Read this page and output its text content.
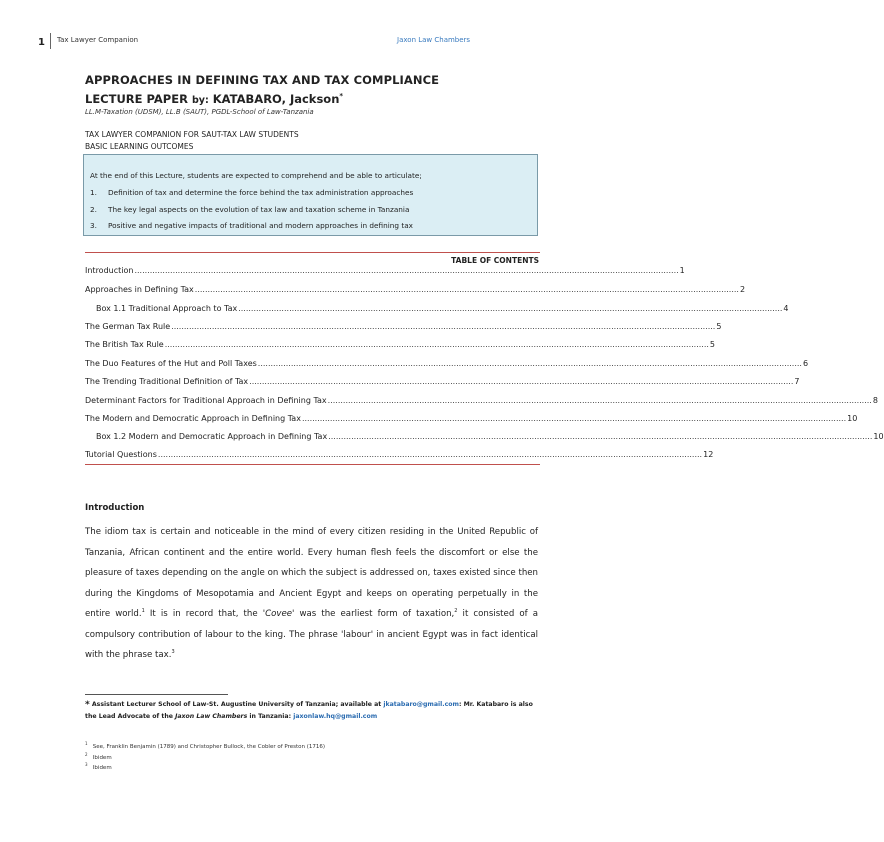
1 Tax Lawyer Companion	Jaxon Law Chambers
APPROACHES IN DEFINING TAX AND TAX COMPLIANCE
LECTURE PAPER by: KATABARO, Jackson*
LL.M-Taxation (UDSM), LL.B (SAUT), PGDL-School of Law-Tanzania
TAX LAWYER COMPANION FOR SAUT-TAX LAW STUDENTS
BASIC LEARNING OUTCOMES
At the end of this Lecture, students are expected to comprehend and be able to articulate;
1. Definition of tax and determine the force behind the tax administration approaches
2. The key legal aspects on the evolution of tax law and taxation scheme in Tanzania
3. Positive and negative impacts of traditional and modern approaches in defining tax
TABLE OF CONTENTS
Introduction ...................................................................................................................................................................................................................... 1
Approaches in Defining Tax ...................................................................................................................................................................................................................... 2
Box 1.1 Traditional Approach to Tax ...................................................................................................................................................................................................................... 4
The German Tax Rule ...................................................................................................................................................................................................................... 5
The British Tax Rule ...................................................................................................................................................................................................................... 5
The Duo Features of the Hut and Poll Taxes ...................................................................................................................................................................................................................... 6
The Trending Traditional Definition of Tax ...................................................................................................................................................................................................................... 7
Determinant Factors for Traditional Approach in Defining Tax ...................................................................................................................................................................................................................... 8
The Modern and Democratic Approach in Defining Tax ...................................................................................................................................................................................................................... 10
Box 1.2 Modern and Democratic Approach in Defining Tax ...................................................................................................................................................................................................................... 10
Tutorial Questions ...................................................................................................................................................................................................................... 12
Introduction
The idiom tax is certain and noticeable in the mind of every citizen residing in the United Republic of Tanzania, African continent and the entire world. Every human flesh feels the discomfort or else the pleasure of taxes depending on the angle on which the subject is addressed on, taxes existed since then during the Kingdoms of Mesopotamia and Ancient Egypt and keeps on operating perpetually in the entire world.$^1$ It is in record that, the 'Covee' was the earliest form of taxation,$^2$ it consisted of a compulsory contribution of labour to the king. The phrase 'labour' in ancient Egypt was in fact identical with the phrase tax.$^3$
* Assistant Lecturer School of Law-St. Augustine University of Tanzania; available at jkatabaro@gmail.com: Mr. Katabaro is also the Lead Advocate of the Jaxon Law Chambers in Tanzania: jaxonlaw.hq@gmail.com
$^1$   See, Franklin Benjamin (1789) and Christopher Bullock, the Cobler of Preston (1716)
$^2$   Ibidem
$^3$   Ibidem
